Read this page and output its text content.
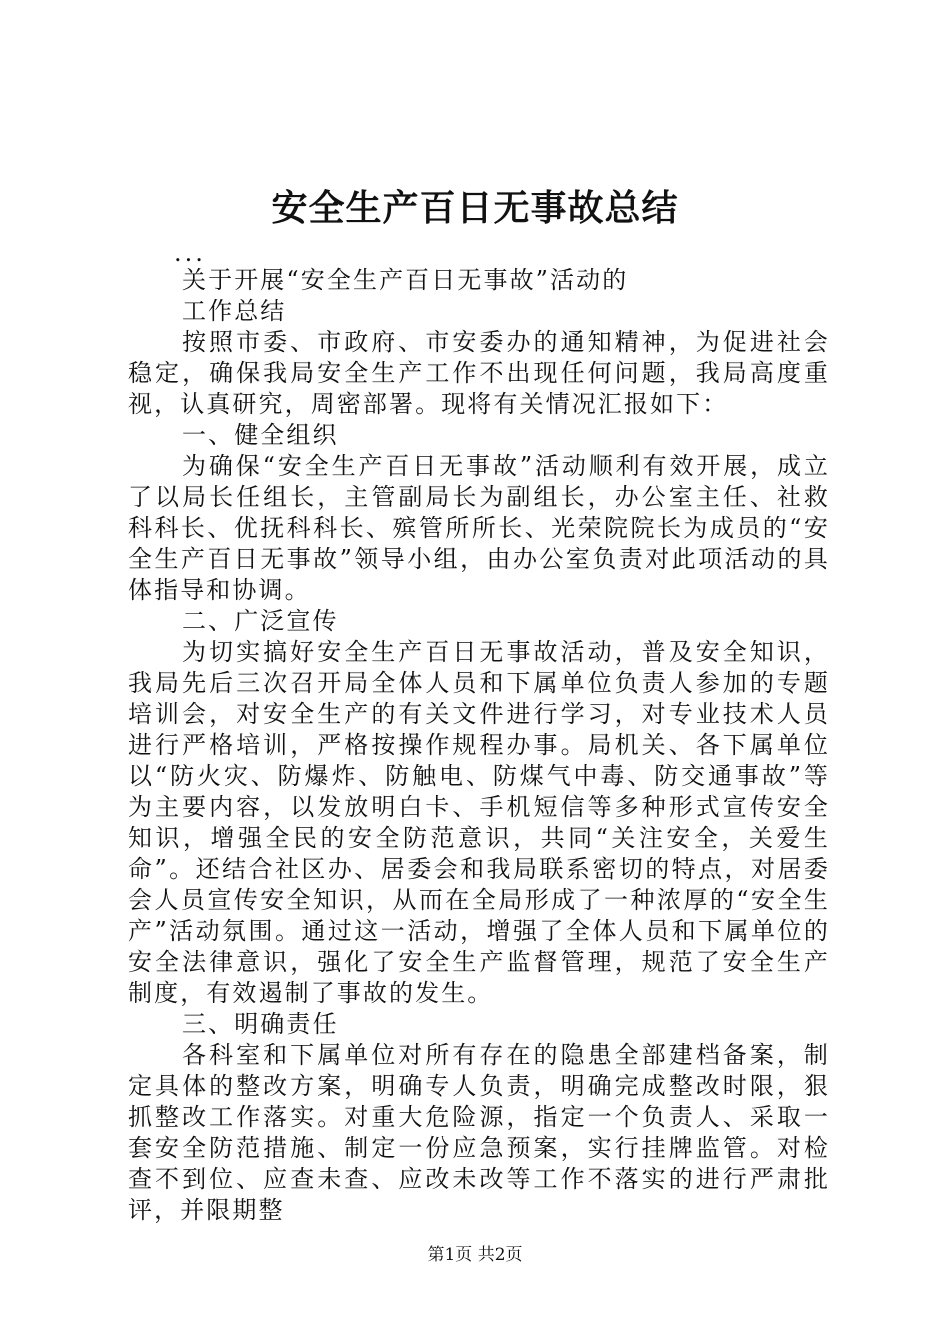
安全生产百日无事故总结

...

关于开展“安全生产百日无事故”活动的

工作总结

按照市委、市政府、市安委办的通知精神，为促进社会稳定，确保我局安全生产工作不出现任何问题，我局高度重视，认真研究，周密部署。现将有关情况汇报如下：

一、健全组织

为确保“安全生产百日无事故”活动顺利有效开展，成立了以局长任组长，主管副局长为副组长，办公室主任、社救科科长、优抚科科长、殡管所所长、光荣院院长为成员的“安全生产百日无事故”领导小组，由办公室负责对此项活动的具体指导和协调。

二、广泛宣传

为切实搞好安全生产百日无事故活动，普及安全知识，我局先后三次召开局全体人员和下属单位负责人参加的专题培训会，对安全生产的有关文件进行学习，对专业技术人员进行严格培训，严格按操作规程办事。局机关、各下属单位以“防火灾、防爆炸、防触电、防煤气中毒、防交通事故”等为主要内容，以发放明白卡、手机短信等多种形式宣传安全知识，增强全民的安全防范意识，共同“关注安全，关爱生命”。还结合社区办、居委会和我局联系密切的特点，对居委会人员宣传安全知识，从而在全局形成了一种浓厚的“安全生产”活动氛围。通过这一活动，增强了全体人员和下属单位的安全法律意识，强化了安全生产监督管理，规范了安全生产制度，有效遏制了事故的发生。

三、明确责任

各科室和下属单位对所有存在的隐患全部建档备案，制定具体的整改方案，明确专人负责，明确完成整改时限，狠抓整改工作落实。对重大危险源，指定一个负责人、采取一套安全防范措施、制定一份应急预案，实行挂牌监管。对检查不到位、应查未查、应改未改等工作不落实的进行严肃批评，并限期整

第1页 共2页
